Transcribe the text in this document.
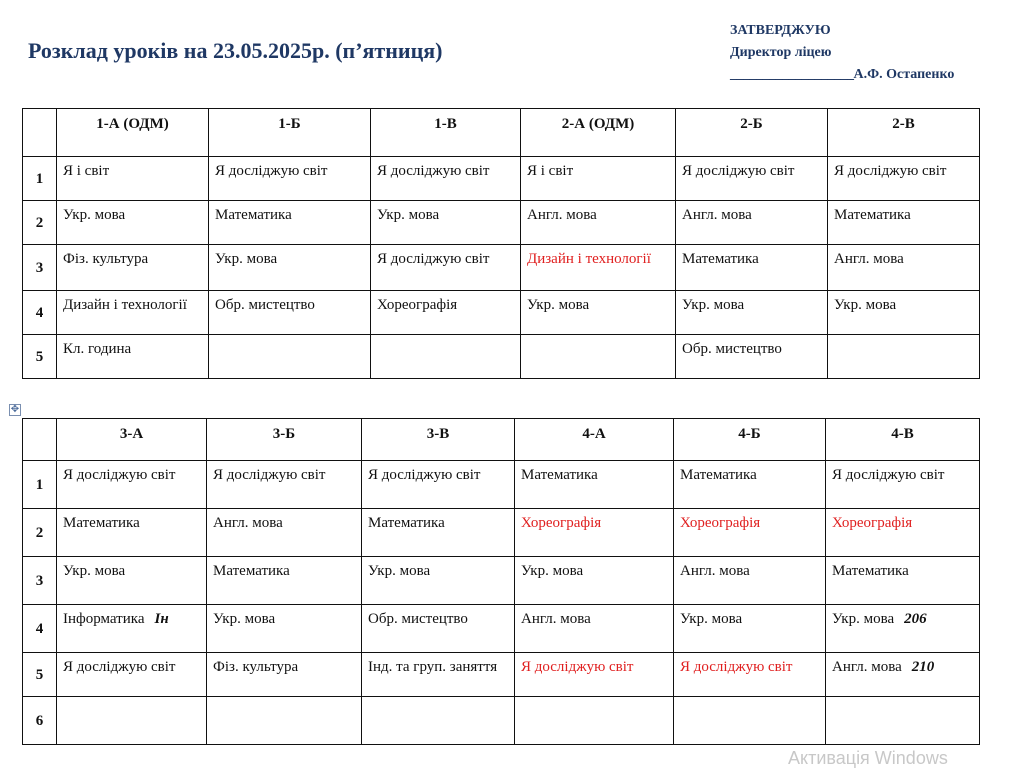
Розклад уроків на 23.05.2025р. (п’ятниця)
ЗАТВЕРДЖУЮ
Директор ліцею
___________________А.Ф. Остапенко
	1-А (ОДМ)	1-Б	1-В	2-А (ОДМ)	2-Б	2-В
1	Я і світ	Я досліджую світ	Я досліджую світ	Я і світ	Я досліджую світ	Я досліджую світ
2	Укр. мова	Математика	Укр. мова	Англ. мова	Англ. мова	Математика
3	Фіз. культура	Укр. мова	Я досліджую світ	Дизайн і технології	Математика	Англ. мова
4	Дизайн і технології	Обр. мистецтво	Хореографія	Укр. мова	Укр. мова	Укр. мова
5	Кл. година				Обр. мистецтво	
✥
	3-А	3-Б	3-В	4-А	4-Б	4-В
1	Я досліджую світ	Я досліджую світ	Я досліджую світ	Математика	Математика	Я досліджую світ
2	Математика	Англ. мова	Математика	Хореографія	Хореографія	Хореографія
3	Укр. мова	Математика	Укр. мова	Укр. мова	Англ. мова	Математика
4	Інформатика Ін	Укр. мова	Обр. мистецтво	Англ. мова	Укр. мова	Укр. мова 206
5	Я досліджую світ	Фіз. культура	Інд. та груп. заняття	Я досліджую світ	Я досліджую світ	Англ. мова 210
6						
Активація Windows
